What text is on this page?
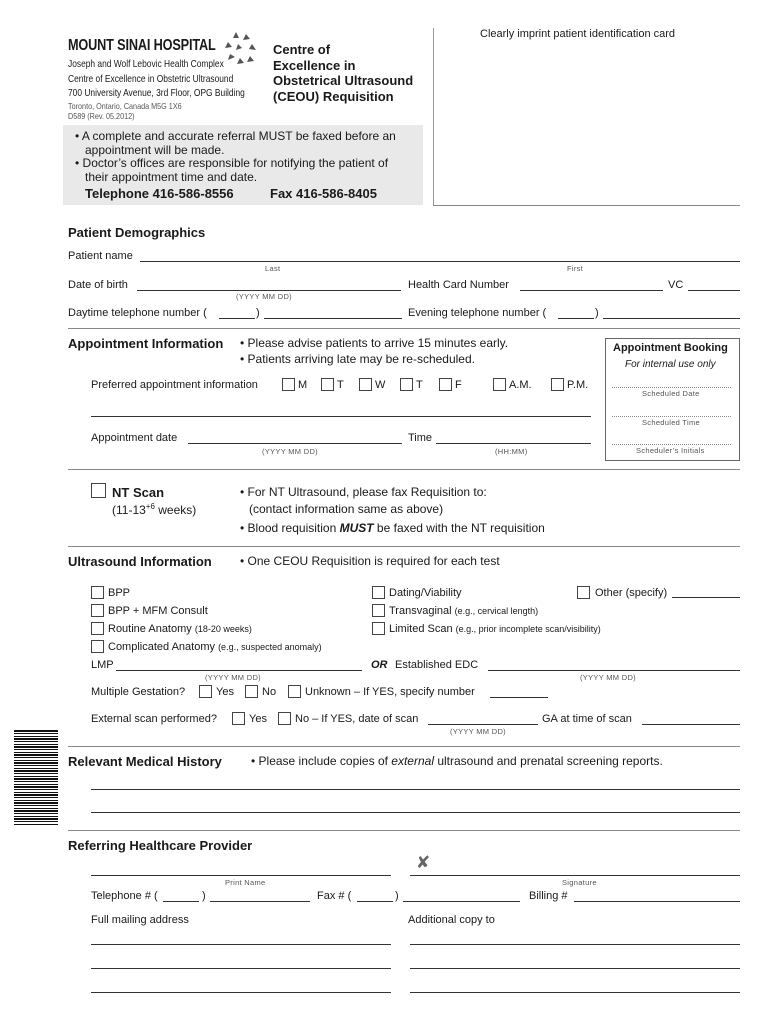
Clearly imprint patient identification card
MOUNT SINAI HOSPITAL
Joseph and Wolf Lebovic Health Complex
Centre of Excellence in Obstetric Ultrasound
700 University Avenue, 3rd Floor, OPG Building
Toronto, Ontario, Canada M5G 1X6
D589 (Rev. 05.2012)
Centre of
Excellence in
Obstetrical Ultrasound
(CEOU) Requisition
• A complete and accurate referral MUST be faxed before an
appointment will be made.
• Doctor’s offices are responsible for notifying the patient of
their appointment time and date.
Telephone 416-586-8556	Fax 416-586-8405
Patient Demographics
Patient name
Last	First
Date of birth
(YYYY MM DD)
Health Card Number	VC
Daytime telephone number (	)	Evening telephone number (	)
Appointment Information • Please advise patients to arrive 15 minutes early.
• Patients arriving late may be re-scheduled.
Preferred appointment information	M	T	W	T	F	A.M.	P.M.
Appointment date
(YYYY MM DD)
Time
(HH:MM)
Appointment Booking
For internal use only
Scheduled Date
Scheduled Time
Scheduler’s Initials
NT Scan
($11-13^{+6}$ weeks)
• For NT Ultrasound, please fax Requisition to:
(contact information same as above)
• Blood requisition MUST be faxed with the NT requisition
Ultrasound Information • One CEOU Requisition is required for each test
BPP
BPP + MFM Consult
Routine Anatomy (18-20 weeks)
Complicated Anatomy (e.g., suspected anomaly)
Dating/Viability
Transvaginal (e.g., cervical length)
Limited Scan (e.g., prior incomplete scan/visibility)
Other (specify)
LMP
(YYYY MM DD)
OR Established EDC
(YYYY MM DD)
Multiple Gestation?	Yes	No	Unknown – If YES, specify number
External scan performed?	Yes	No – If YES, date of scan
(YYYY MM DD)
GA at time of scan
Relevant Medical History • Please include copies of external ultrasound and prenatal screening reports.
Referring Healthcare Provider
Print Name
✘
Signature
Telephone # (	)	Fax # (	)	Billing #
Full mailing address	Additional copy to
